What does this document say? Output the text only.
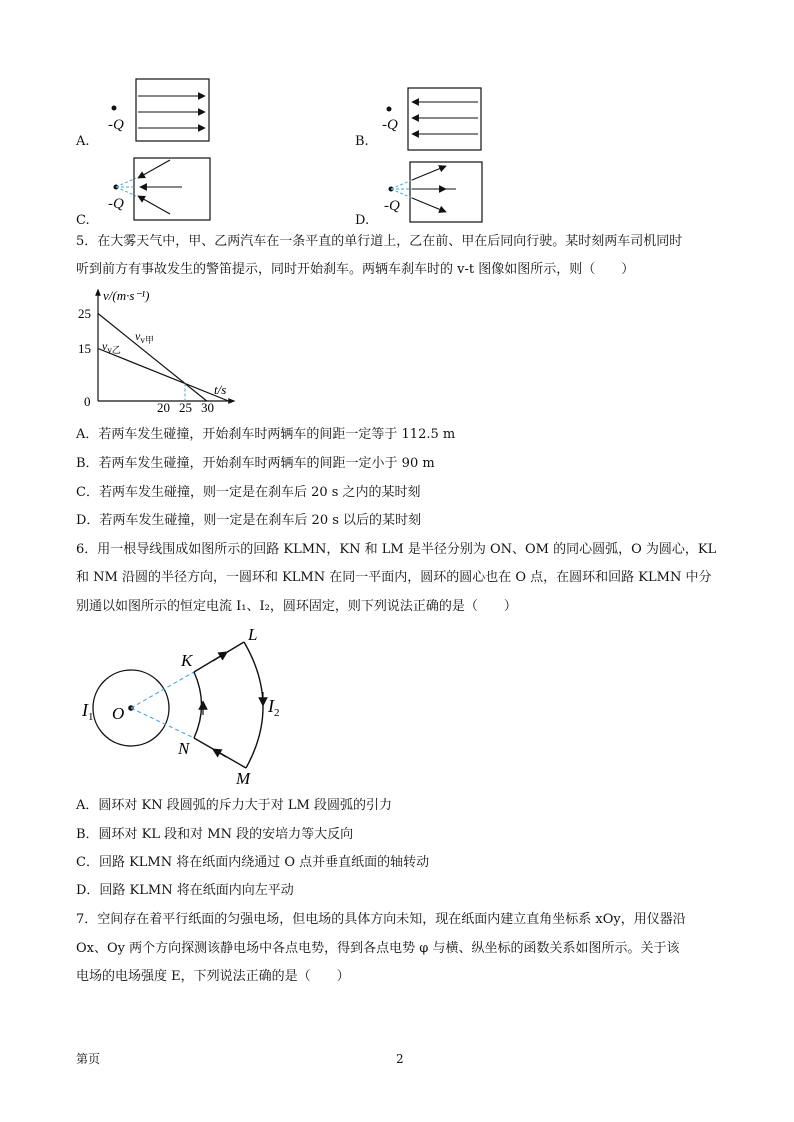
A.
-Q
B.
-Q
C.
-Q
D.
-Q
5．在大雾天气中，甲、乙两汽车在一条平直的单行道上，乙在前、甲在后同向行驶。某时刻两车司机同时
听到前方有事故发生的警笛提示，同时开始刹车。两辆车刹车时的 v-t 图像如图所示，则（　　）
v/(m·s⁻¹)
t/s
0	20 25 30
15
25
$v_{v甲}$
$v_{v乙}$
A．若两车发生碰撞，开始刹车时两辆车的间距一定等于 112.5 m
B．若两车发生碰撞，开始刹车时两辆车的间距一定小于 90 m
C．若两车发生碰撞，则一定是在刹车后 20 s 之内的某时刻
D．若两车发生碰撞，则一定是在刹车后 20 s 以后的某时刻
6．用一根导线围成如图所示的回路 KLMN，KN 和 LM 是半径分别为 ON、OM 的同心圆弧，O 为圆心，KL
和 NM 沿圆的半径方向，一圆环和 KLMN 在同一平面内，圆环的圆心也在 O 点，在圆环和回路 KLMN 中分
别通以如图所示的恒定电流 I₁、I₂，圆环固定，则下列说法正确的是（　　）
K
L
M
N
O
$I_1$
$I_2$
A．圆环对 KN 段圆弧的斥力大于对 LM 段圆弧的引力
B．圆环对 KL 段和对 MN 段的安培力等大反向
C．回路 KLMN 将在纸面内绕通过 O 点并垂直纸面的轴转动
D．回路 KLMN 将在纸面内向左平动
7．空间存在着平行纸面的匀强电场，但电场的具体方向未知，现在纸面内建立直角坐标系 xOy，用仪器沿
Ox、Oy 两个方向探测该静电场中各点电势，得到各点电势 φ 与横、纵坐标的函数关系如图所示。关于该
电场的电场强度 E，下列说法正确的是（　　）
第页	2
